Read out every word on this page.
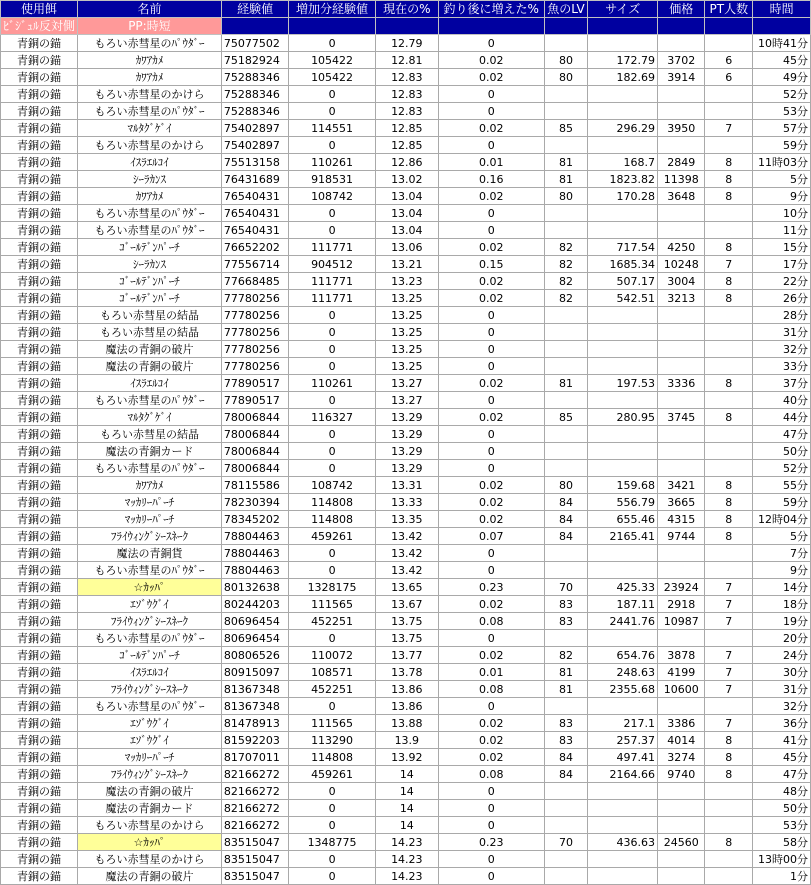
使用餌	名前	経験値	増加分経験値	現在の%	釣り後に増えた%	魚のLV	サイズ	価格	PT人数	時間
ﾋﾞｼﾞｭﾙ反対側	PP:時短									
青銅の錨	もろい赤彗星のﾊﾟｳﾀﾞｰ	75077502	0	12.79	0					10時41分
青銅の錨	ｶﾜｱｶﾒ	75182924	105422	12.81	0.02	80	172.79	3702	6	45分
青銅の錨	ｶﾜｱｶﾒ	75288346	105422	12.83	0.02	80	182.69	3914	6	49分
青銅の錨	もろい赤彗星のかけら	75288346	0	12.83	0					52分
青銅の錨	もろい赤彗星のﾊﾟｳﾀﾞｰ	75288346	0	12.83	0					53分
青銅の錨	ﾏﾙﾀｸﾞｹﾞｲ	75402897	114551	12.85	0.02	85	296.29	3950	7	57分
青銅の錨	もろい赤彗星のかけら	75402897	0	12.85	0					59分
青銅の錨	ｲｽﾗｴﾙｺｲ	75513158	110261	12.86	0.01	81	168.7	2849	8	11時03分
青銅の錨	ｼｰﾗｶﾝｽ	76431689	918531	13.02	0.16	81	1823.82	11398	8	5分
青銅の錨	ｶﾜｱｶﾒ	76540431	108742	13.04	0.02	80	170.28	3648	8	9分
青銅の錨	もろい赤彗星のﾊﾟｳﾀﾞｰ	76540431	0	13.04	0					10分
青銅の錨	もろい赤彗星のﾊﾟｳﾀﾞｰ	76540431	0	13.04	0					11分
青銅の錨	ｺﾞｰﾙﾃﾞﾝﾊﾟｰﾁ	76652202	111771	13.06	0.02	82	717.54	4250	8	15分
青銅の錨	ｼｰﾗｶﾝｽ	77556714	904512	13.21	0.15	82	1685.34	10248	7	17分
青銅の錨	ｺﾞｰﾙﾃﾞﾝﾊﾟｰﾁ	77668485	111771	13.23	0.02	82	507.17	3004	8	22分
青銅の錨	ｺﾞｰﾙﾃﾞﾝﾊﾟｰﾁ	77780256	111771	13.25	0.02	82	542.51	3213	8	26分
青銅の錨	もろい赤彗星の結晶	77780256	0	13.25	0					28分
青銅の錨	もろい赤彗星の結晶	77780256	0	13.25	0					31分
青銅の錨	魔法の青銅の破片	77780256	0	13.25	0					32分
青銅の錨	魔法の青銅の破片	77780256	0	13.25	0					33分
青銅の錨	ｲｽﾗｴﾙｺｲ	77890517	110261	13.27	0.02	81	197.53	3336	8	37分
青銅の錨	もろい赤彗星のﾊﾟｳﾀﾞｰ	77890517	0	13.27	0					40分
青銅の錨	ﾏﾙﾀｸﾞｹﾞｲ	78006844	116327	13.29	0.02	85	280.95	3745	8	44分
青銅の錨	もろい赤彗星の結晶	78006844	0	13.29	0					47分
青銅の錨	魔法の青銅カード	78006844	0	13.29	0					50分
青銅の錨	もろい赤彗星のﾊﾟｳﾀﾞｰ	78006844	0	13.29	0					52分
青銅の錨	ｶﾜｱｶﾒ	78115586	108742	13.31	0.02	80	159.68	3421	8	55分
青銅の錨	ﾏｯｶﾘｰﾊﾟｰﾁ	78230394	114808	13.33	0.02	84	556.79	3665	8	59分
青銅の錨	ﾏｯｶﾘｰﾊﾟｰﾁ	78345202	114808	13.35	0.02	84	655.46	4315	8	12時04分
青銅の錨	ﾌﾗｲｳｨﾝｸﾞｼｰｽﾈｰｸ	78804463	459261	13.42	0.07	84	2165.41	9744	8	5分
青銅の錨	魔法の青銅貨	78804463	0	13.42	0					7分
青銅の錨	もろい赤彗星のﾊﾟｳﾀﾞｰ	78804463	0	13.42	0					9分
青銅の錨	☆ｶｯﾊﾟ	80132638	1328175	13.65	0.23	70	425.33	23924	7	14分
青銅の錨	ｴｿﾞｳｸﾞｲ	80244203	111565	13.67	0.02	83	187.11	2918	7	18分
青銅の錨	ﾌﾗｲｳｨﾝｸﾞｼｰｽﾈｰｸ	80696454	452251	13.75	0.08	83	2441.76	10987	7	19分
青銅の錨	もろい赤彗星のﾊﾟｳﾀﾞｰ	80696454	0	13.75	0					20分
青銅の錨	ｺﾞｰﾙﾃﾞﾝﾊﾟｰﾁ	80806526	110072	13.77	0.02	82	654.76	3878	7	24分
青銅の錨	ｲｽﾗｴﾙｺｲ	80915097	108571	13.78	0.01	81	248.63	4199	7	30分
青銅の錨	ﾌﾗｲｳｨﾝｸﾞｼｰｽﾈｰｸ	81367348	452251	13.86	0.08	81	2355.68	10600	7	31分
青銅の錨	もろい赤彗星のﾊﾟｳﾀﾞｰ	81367348	0	13.86	0					32分
青銅の錨	ｴｿﾞｳｸﾞｲ	81478913	111565	13.88	0.02	83	217.1	3386	7	36分
青銅の錨	ｴｿﾞｳｸﾞｲ	81592203	113290	13.9	0.02	83	257.37	4014	8	41分
青銅の錨	ﾏｯｶﾘｰﾊﾟｰﾁ	81707011	114808	13.92	0.02	84	497.41	3274	8	45分
青銅の錨	ﾌﾗｲｳｨﾝｸﾞｼｰｽﾈｰｸ	82166272	459261	14	0.08	84	2164.66	9740	8	47分
青銅の錨	魔法の青銅の破片	82166272	0	14	0					48分
青銅の錨	魔法の青銅カード	82166272	0	14	0					50分
青銅の錨	もろい赤彗星のかけら	82166272	0	14	0					53分
青銅の錨	☆ｶｯﾊﾟ	83515047	1348775	14.23	0.23	70	436.63	24560	8	58分
青銅の錨	もろい赤彗星のかけら	83515047	0	14.23	0					13時00分
青銅の錨	魔法の青銅の破片	83515047	0	14.23	0					1分
